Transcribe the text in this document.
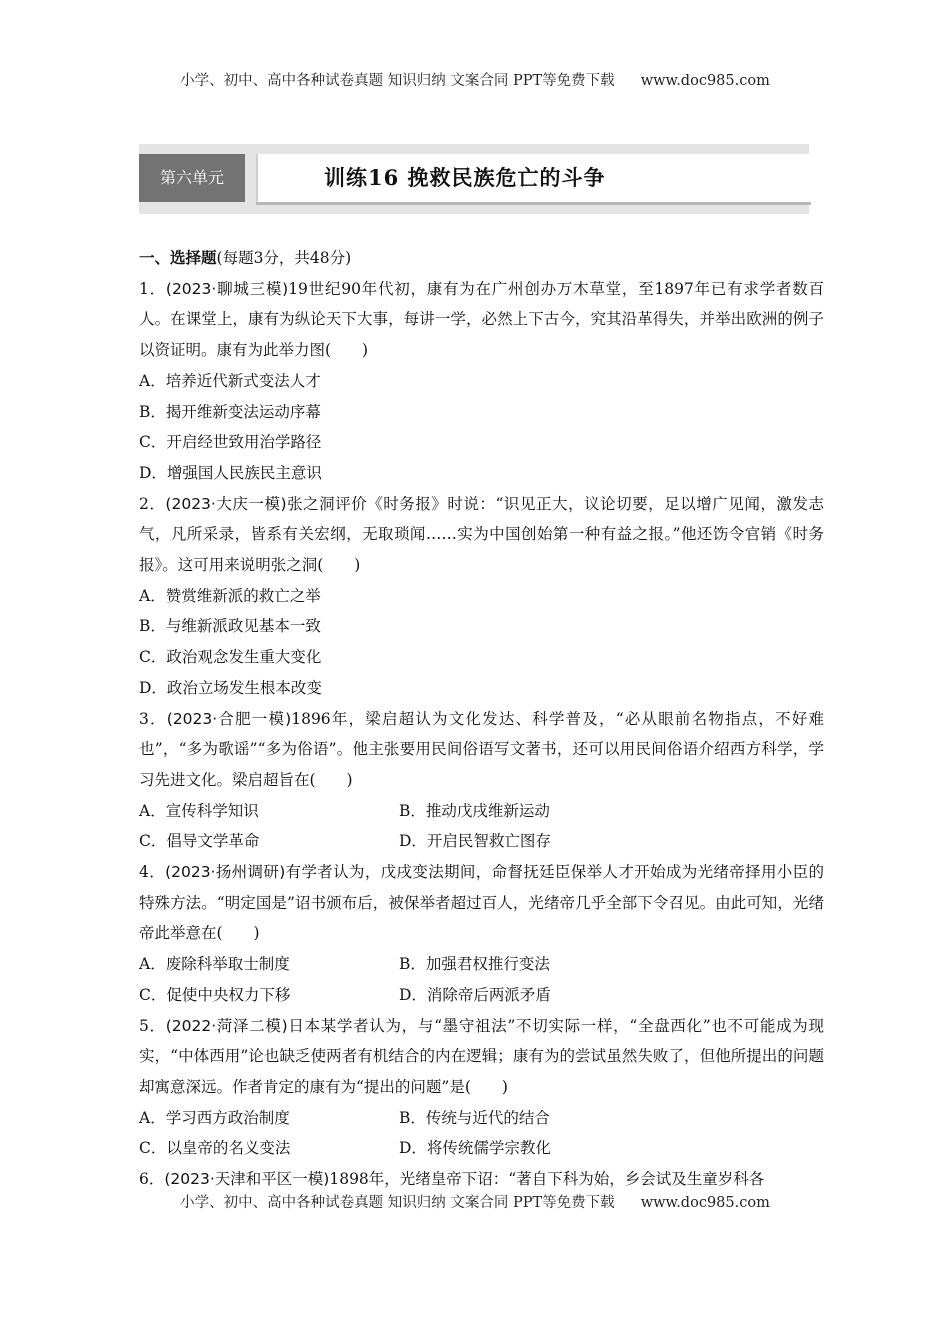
小学、初中、高中各种试卷真题 知识归纳 文案合同 PPT等免费下载 www.doc985.com
第六单元	训练16 挽救民族危亡的斗争
一、选择题(每题3分，共48分)
1．(2023·聊城三模)19世纪90年代初，康有为在广州创办万木草堂，至1897年已有求学者数百人。在课堂上，康有为纵论天下大事，每讲一学，必然上下古今，究其沿革得失，并举出欧洲的例子以资证明。康有为此举力图(　　)
A．培养近代新式变法人才
B．揭开维新变法运动序幕
C．开启经世致用治学路径
D．增强国人民族民主意识
2．(2023·大庆一模)张之洞评价《时务报》时说：“识见正大，议论切要，足以增广见闻，激发志气，凡所采录，皆系有关宏纲，无取琐闻……实为中国创始第一种有益之报。”他还饬令官销《时务报》。这可用来说明张之洞(　　)
A．赞赏维新派的救亡之举
B．与维新派政见基本一致
C．政治观念发生重大变化
D．政治立场发生根本改变
3．(2023·合肥一模)1896年，梁启超认为文化发达、科学普及，“必从眼前名物指点，不好难也”，“多为歌谣”“多为俗语”。他主张要用民间俗语写文著书，还可以用民间俗语介绍西方科学，学习先进文化。梁启超旨在(　　)
A．宣传科学知识	B．推动戊戌维新运动
C．倡导文学革命	D．开启民智救亡图存
4．(2023·扬州调研)有学者认为，戊戌变法期间，命督抚廷臣保举人才开始成为光绪帝择用小臣的特殊方法。“明定国是”诏书颁布后，被保举者超过百人，光绪帝几乎全部下令召见。由此可知，光绪帝此举意在(　　)
A．废除科举取士制度	B．加强君权推行变法
C．促使中央权力下移	D．消除帝后两派矛盾
5．(2022·菏泽二模)日本某学者认为，与“墨守祖法”不切实际一样，“全盘西化”也不可能成为现实，“中体西用”论也缺乏使两者有机结合的内在逻辑；康有为的尝试虽然失败了，但他所提出的问题却寓意深远。作者肯定的康有为“提出的问题”是(　　)
A．学习西方政治制度	B．传统与近代的结合
C．以皇帝的名义变法	D．将传统儒学宗教化
6．(2023·天津和平区一模)1898年，光绪皇帝下诏：“著自下科为始，乡会试及生童岁科各
小学、初中、高中各种试卷真题 知识归纳 文案合同 PPT等免费下载 www.doc985.com
